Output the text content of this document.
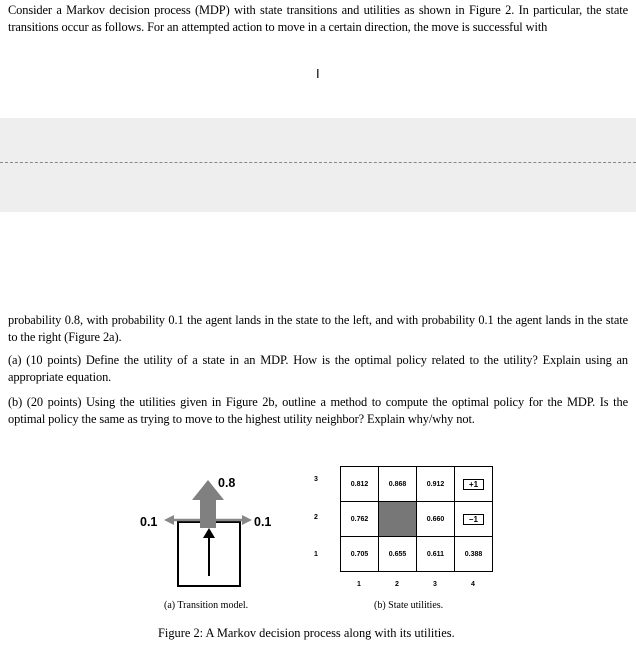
Consider a Markov decision process (MDP) with state transitions and utilities as shown in Figure 2. In particular, the state transitions occur as follows. For an attempted action to move in a certain direction, the move is successful with
I
probability 0.8, with probability 0.1 the agent lands in the state to the left, and with probability 0.1 the agent lands in the state to the right (Figure 2a).
(a) (10 points) Define the utility of a state in an MDP. How is the optimal policy related to the utility? Explain using an appropriate equation.
(b) (20 points) Using the utilities given in Figure 2b, outline a method to compute the optimal policy for the MDP. Is the optimal policy the same as trying to move to the highest utility neighbor? Explain why/why not.
0.8
0.1	0.1
(a) Transition model.
3
2
1
0.812	0.868	0.912	+1
0.762		0.660	–1
0.705	0.655	0.611	0.388
1	2	3	4
(b) State utilities.
Figure 2: A Markov decision process along with its utilities.
